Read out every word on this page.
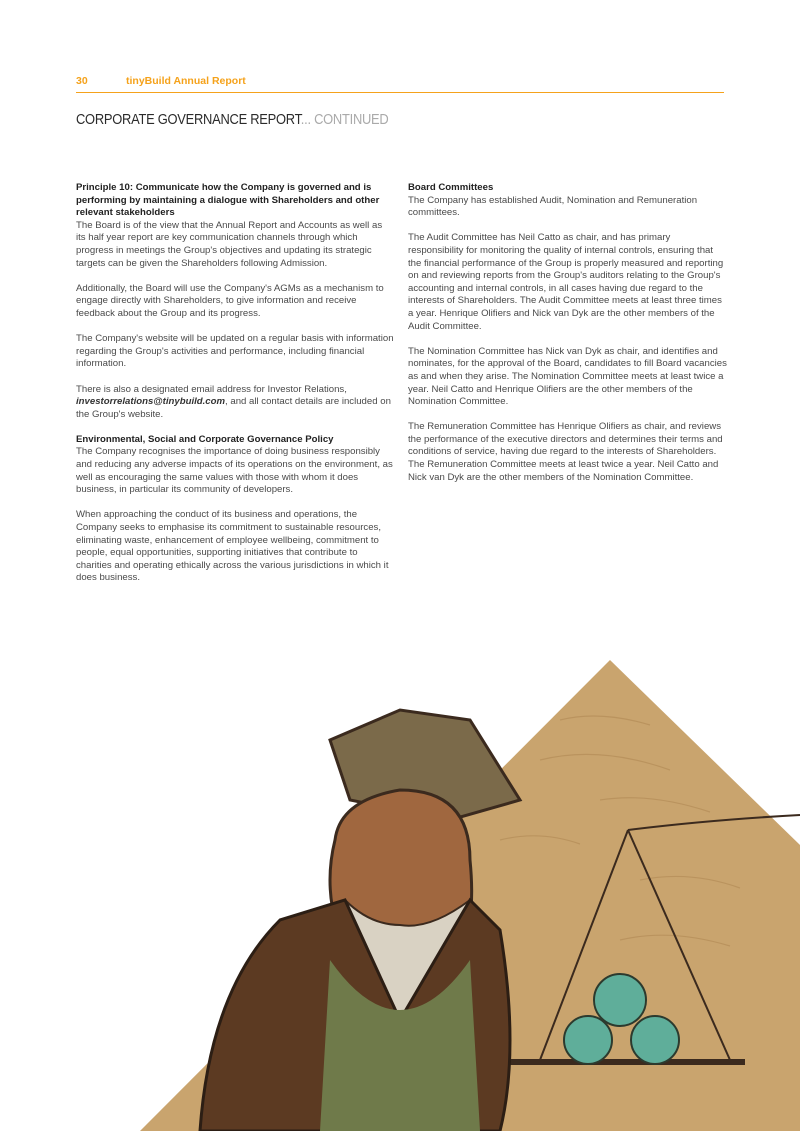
30	tinyBuild Annual Report
CORPORATE GOVERNANCE REPORT... CONTINUED
Principle 10: Communicate how the Company is governed and is performing by maintaining a dialogue with Shareholders and other relevant stakeholders

The Board is of the view that the Annual Report and Accounts as well as its half year report are key communication channels through which progress in meetings the Group's objectives and updating its strategic targets can be given the Shareholders following Admission.

Additionally, the Board will use the Company's AGMs as a mechanism to engage directly with Shareholders, to give information and receive feedback about the Group and its progress.

The Company's website will be updated on a regular basis with information regarding the Group's activities and performance, including financial information.

There is also a designated email address for Investor Relations, investorrelations@tinybuild.com, and all contact details are included on the Group's website.

Environmental, Social and Corporate Governance Policy

The Company recognises the importance of doing business responsibly and reducing any adverse impacts of its operations on the environment, as well as encouraging the same values with those with whom it does business, in particular its community of developers.

When approaching the conduct of its business and operations, the Company seeks to emphasise its commitment to sustainable resources, eliminating waste, enhancement of employee wellbeing, commitment to people, equal opportunities, supporting initiatives that contribute to charities and operating ethically across the various jurisdictions in which it does business.

Board Committees

The Company has established Audit, Nomination and Remuneration committees.

The Audit Committee has Neil Catto as chair, and has primary responsibility for monitoring the quality of internal controls, ensuring that the financial performance of the Group is properly measured and reporting on and reviewing reports from the Group's auditors relating to the Group's accounting and internal controls, in all cases having due regard to the interests of Shareholders. The Audit Committee meets at least three times a year. Henrique Olifiers and Nick van Dyk are the other members of the Audit Committee.

The Nomination Committee has Nick van Dyk as chair, and identifies and nominates, for the approval of the Board, candidates to fill Board vacancies as and when they arise. The Nomination Committee meets at least twice a year. Neil Catto and Henrique Olifiers are the other members of the Nomination Committee.

The Remuneration Committee has Henrique Olifiers as chair, and reviews the performance of the executive directors and determines their terms and conditions of service, having due regard to the interests of Shareholders. The Remuneration Committee meets at least twice a year. Neil Catto and Nick van Dyk are the other members of the Nomination Committee.
